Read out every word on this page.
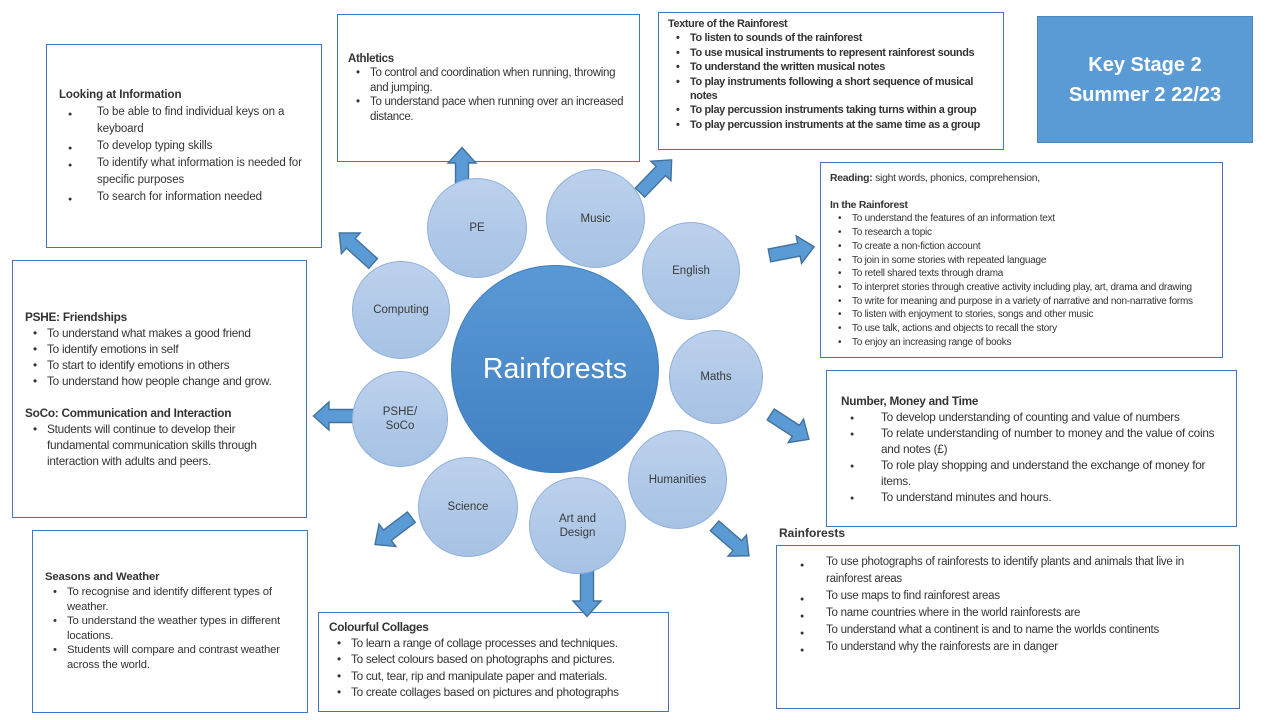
Looking at Information
● To be able to find individual keys on a keyboard
● To develop typing skills
● To identify what information is needed for specific purposes
● To search for information needed
Athletics
• To control and coordination when running, throwing and jumping.
• To understand pace when running over an increased distance.
Texture of the Rainforest
• To listen to sounds of the rainforest
• To use musical instruments to represent rainforest sounds
• To understand the written musical notes
• To play instruments following a short sequence of musical notes
• To play percussion instruments taking turns within a group
• To play percussion instruments at the same time as a group
Key Stage 2
Summer 2 22/23
Reading: sight words, phonics, comprehension,
In the Rainforest
• To understand the features of an information text
• To research a topic
• To create a non-fiction account
• To join in some stories with repeated language
• To retell shared texts through drama
• To interpret stories through creative activity including play, art, drama and drawing
• To write for meaning and purpose in a variety of narrative and non-narrative forms
• To listen with enjoyment to stories, songs and other music
• To use talk, actions and objects to recall the story
• To enjoy an increasing range of books
Number, Money and Time
● To develop understanding of counting and value of numbers
● To relate understanding of number to money and the value of coins and notes (£)
● To role play shopping and understand the exchange of money for items.
● To understand minutes and hours.
Rainforests
● To use photographs of rainforests to identify plants and animals that live in rainforest areas
● To use maps to find rainforest areas
● To name countries where in the world rainforests are
● To understand what a continent is and to name the worlds continents
● To understand why the rainforests are in danger
Seasons and Weather
• To recognise and identify different types of weather.
• To understand the weather types in different locations.
• Students will compare and contrast weather across the world.
PSHE: Friendships
• To understand what makes a good friend
• To identify emotions in self
• To start to identify emotions in others
• To understand how people change and grow.
SoCo: Communication and Interaction
• Students will continue to develop their fundamental communication skills through interaction with adults and peers.
Colourful Collages
• To learn a range of collage processes and techniques.
• To select colours based on photographs and pictures.
• To cut, tear, rip and manipulate paper and materials.
• To create collages based on pictures and photographs
Rainforests
PE
Music
English
Maths
Humanities
Art and Design
Science
PSHE/ SoCo
Computing
